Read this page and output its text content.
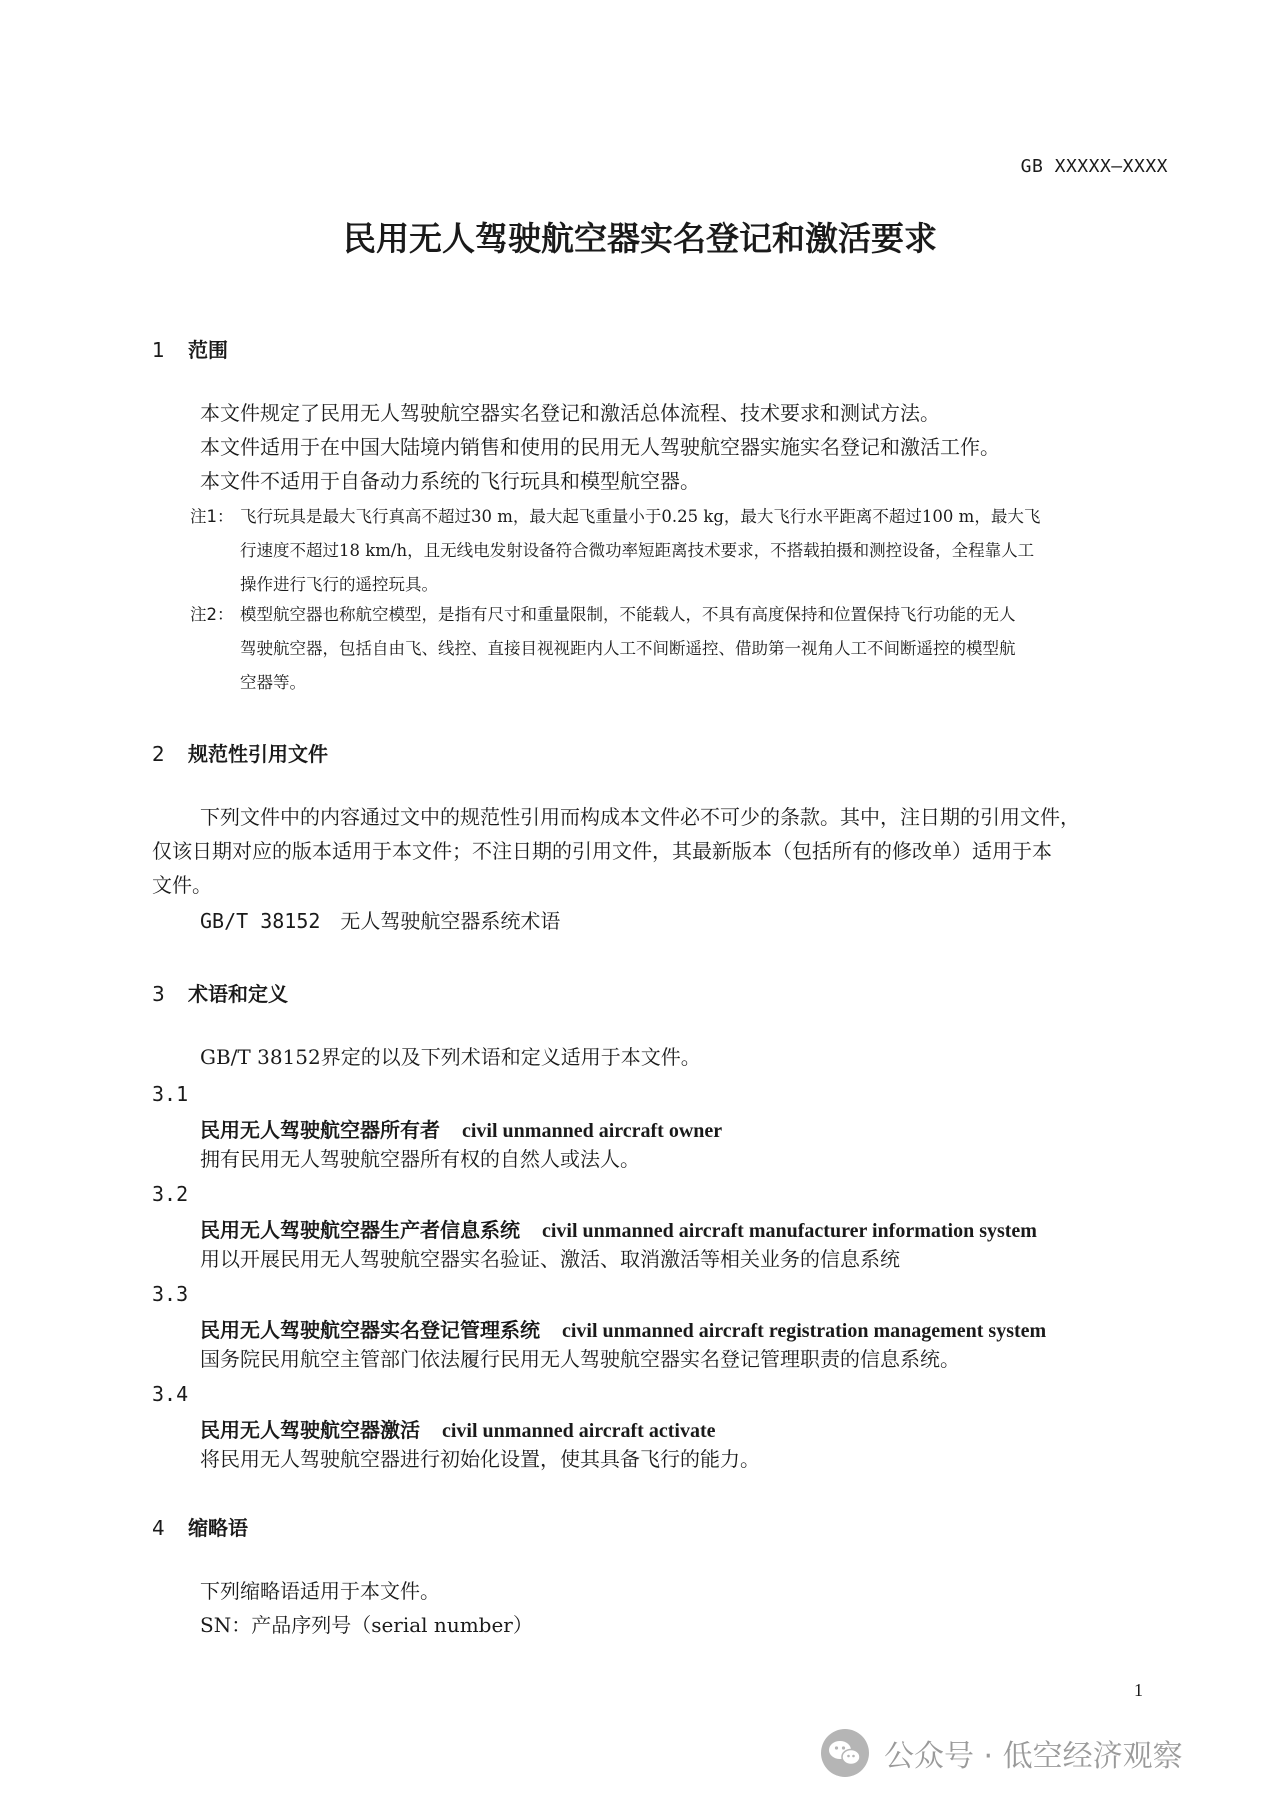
GB XXXXX—XXXX
民用无人驾驶航空器实名登记和激活要求
1 范围
本文件规定了民用无人驾驶航空器实名登记和激活总体流程、技术要求和测试方法。
本文件适用于在中国大陆境内销售和使用的民用无人驾驶航空器实施实名登记和激活工作。
本文件不适用于自备动力系统的飞行玩具和模型航空器。
注1： 飞行玩具是最大飞行真高不超过30 m，最大起飞重量小于0.25 kg，最大飞行水平距离不超过100 m，最大飞
行速度不超过18 km/h，且无线电发射设备符合微功率短距离技术要求，不搭载拍摄和测控设备，全程靠人工
操作进行飞行的遥控玩具。
注2： 模型航空器也称航空模型，是指有尺寸和重量限制，不能载人，不具有高度保持和位置保持飞行功能的无人
驾驶航空器，包括自由飞、线控、直接目视视距内人工不间断遥控、借助第一视角人工不间断遥控的模型航
空器等。
2 规范性引用文件
下列文件中的内容通过文中的规范性引用而构成本文件必不可少的条款。其中，注日期的引用文件，
仅该日期对应的版本适用于本文件；不注日期的引用文件，其最新版本（包括所有的修改单）适用于本
文件。
GB/T 38152 无人驾驶航空器系统术语
3 术语和定义
GB/T 38152界定的以及下列术语和定义适用于本文件。
3.1
民用无人驾驶航空器所有者 civil unmanned aircraft owner
拥有民用无人驾驶航空器所有权的自然人或法人。
3.2
民用无人驾驶航空器生产者信息系统 civil unmanned aircraft manufacturer information system
用以开展民用无人驾驶航空器实名验证、激活、取消激活等相关业务的信息系统
3.3
民用无人驾驶航空器实名登记管理系统 civil unmanned aircraft registration management system
国务院民用航空主管部门依法履行民用无人驾驶航空器实名登记管理职责的信息系统。
3.4
民用无人驾驶航空器激活 civil unmanned aircraft activate
将民用无人驾驶航空器进行初始化设置，使其具备飞行的能力。
4 缩略语
下列缩略语适用于本文件。
SN：产品序列号（serial number）
1
公众号 · 低空经济观察
